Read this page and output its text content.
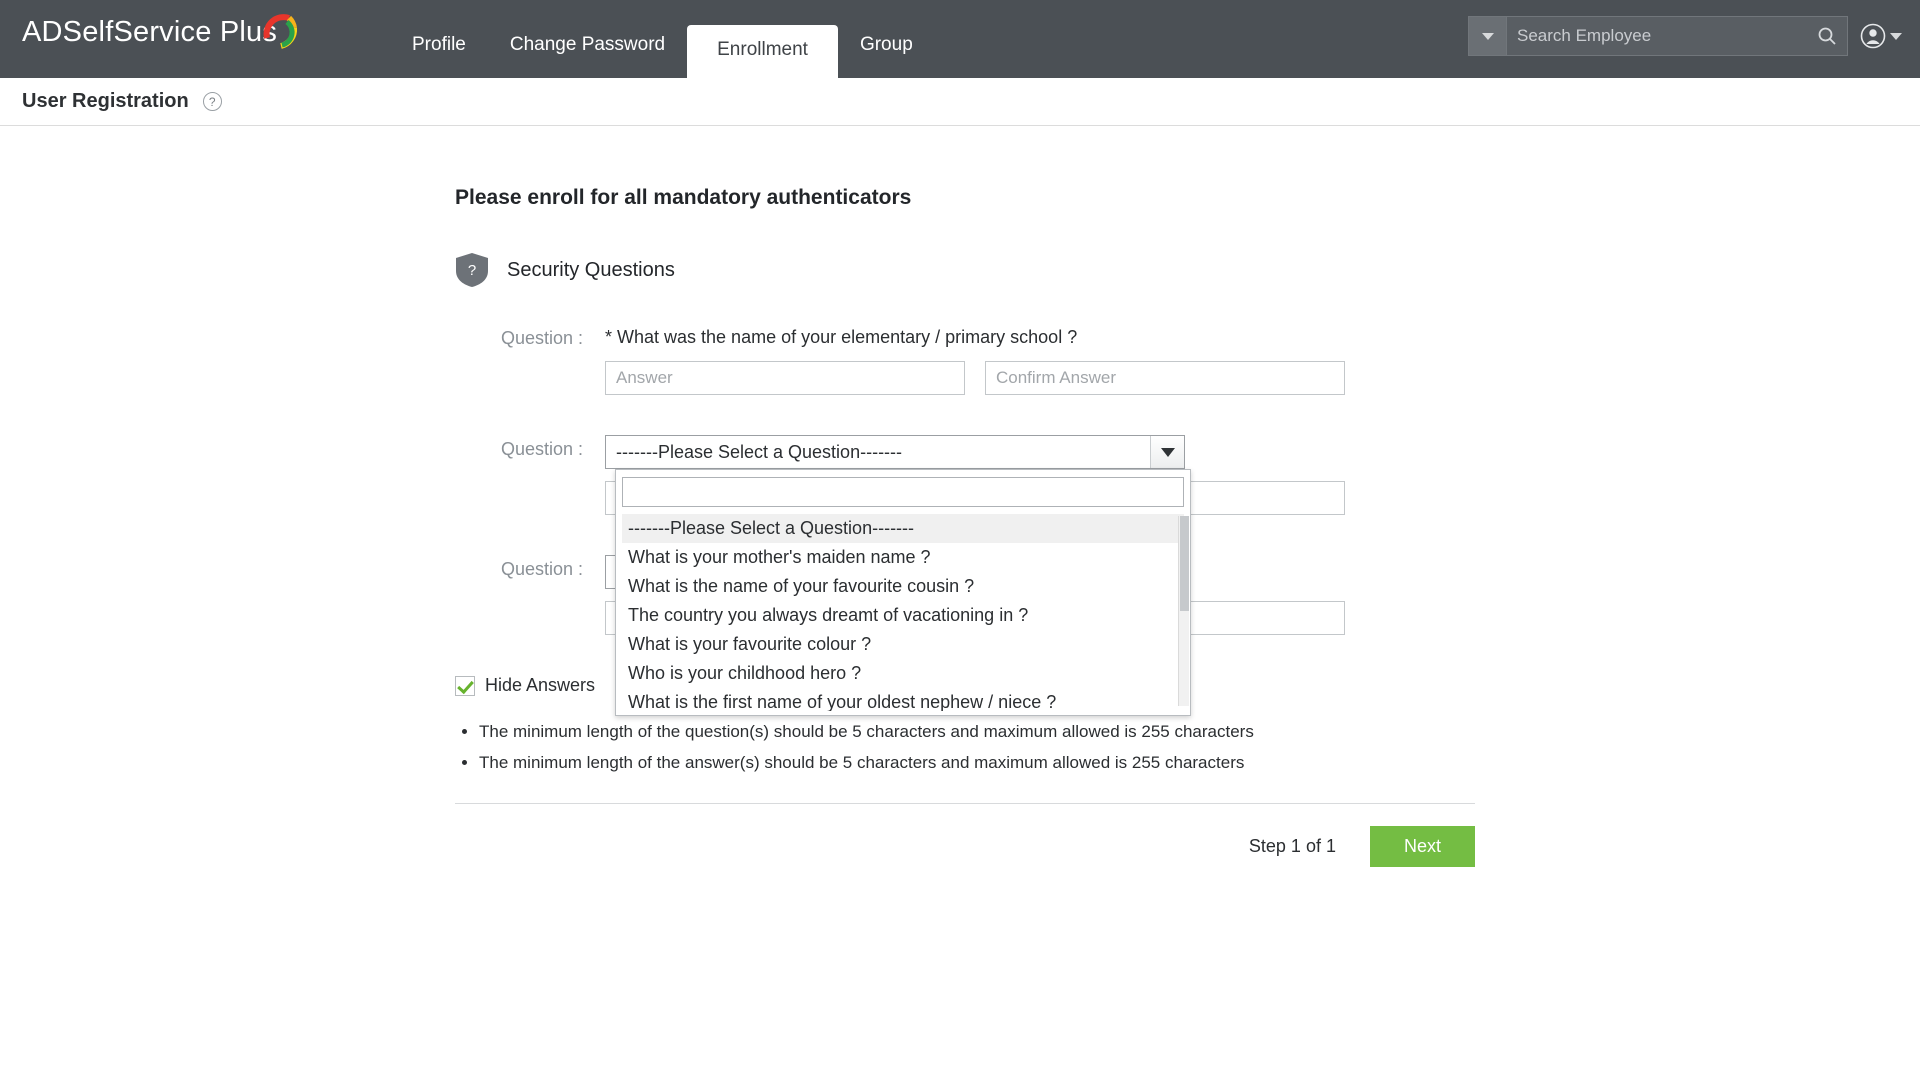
ADSelfService Plus	Profile	Change Password	Enrollment	Group
Search Employee
User Registration	?
Please enroll for all mandatory authenticators
? Security Questions
Question :	* What was the name of your elementary / primary school ?
Answer
Confirm Answer
Question :	-------Please Select a Question-------
-------Please Select a Question-------
What is your mother's maiden name ?
What is the name of your favourite cousin ?
The country you always dreamt of vacationing in ?
What is your favourite colour ?
Who is your childhood hero ?
What is the first name of your oldest nephew / niece ?
Question :
Hide Answers
• The minimum length of the question(s) should be 5 characters and maximum allowed is 255 characters
• The minimum length of the answer(s) should be 5 characters and maximum allowed is 255 characters
Step 1 of 1	Next
